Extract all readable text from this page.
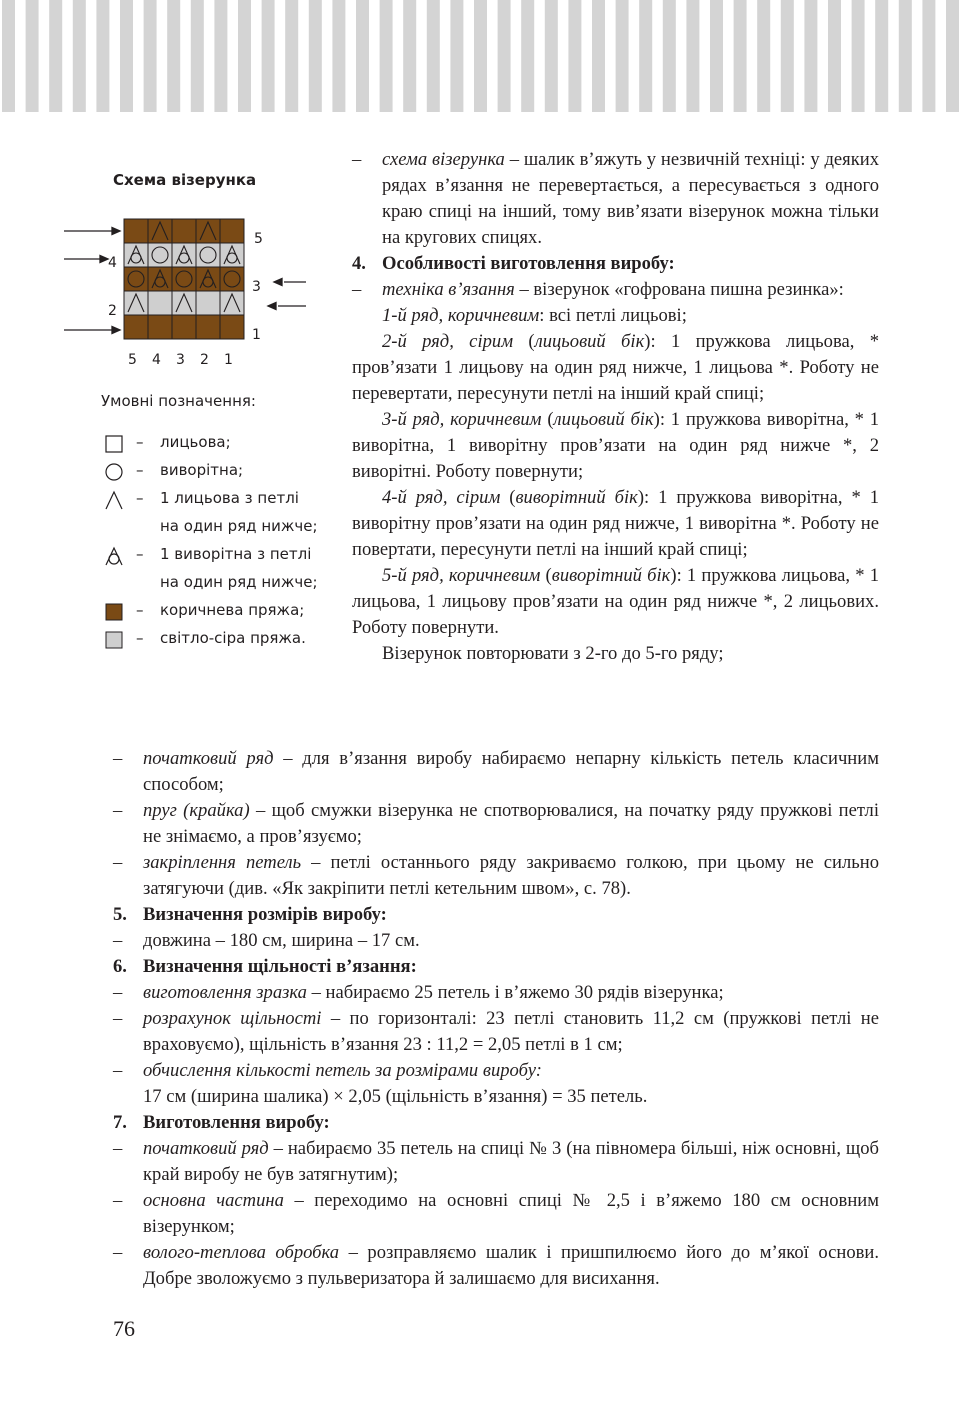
Схема візерунка
5
4
3
2
1
5 4 3 2 1
Умовні позначення:
– лицьова;
– виворітна;
– 1 лицьова з петлі
на один ряд нижче;
– 1 виворітна з петлі
на один ряд нижче;
– коричнева пряжа;
– світло-сіра пряжа.

– схема візерунка – шалик в’яжуть у незвичній техніці: у деяких рядах в’язання не перевертається, а пересувається з одного краю спиці на інший, тому вив’язати візерунок можна тільки на кругових спицях.

4. Особливості виготовлення виробу:

– техніка в’язання – візерунок «гофрована пишна резинка»:

1-й ряд, коричневим: всі петлі лицьові;

2-й ряд, сірим (лицьовий бік): 1 пружкова лицьова, * пров’язати 1 лицьову на один ряд нижче, 1 лицьова *. Роботу не перевертати, пересунути петлі на інший край спиці;

3-й ряд, коричневим (лицьовий бік): 1 пружкова виворітна, * 1 виворітна, 1 виворітну пров’язати на один ряд нижче *, 2 виворітні. Роботу повернути;

4-й ряд, сірим (виворітний бік): 1 пружкова виворітна, * 1 виворітну пров’язати на один ряд нижче, 1 виворітна *. Роботу не повертати, пересунути петлі на інший край спиці;

5-й ряд, коричневим (виворітний бік): 1 пружкова лицьова, * 1 лицьова, 1 лицьову пров’язати на один ряд нижче *, 2 лицьових. Роботу повернути.

Візерунок повторювати з 2-го до 5-го ряду;

– початковий ряд – для в’язання виробу набираємо непарну кількість петель класичним способом;

– пруг (крайка) – щоб смужки візерунка не спотворювалися, на початку ряду пружкові петлі не знімаємо, а пров’язуємо;

– закріплення петель – петлі останнього ряду закриваємо голкою, при цьому не сильно затягуючи (див. «Як закріпити петлі кетельним швом», с. 78).

5. Визначення розмірів виробу:

– довжина – 180 см, ширина – 17 см.

6. Визначення щільності в’язання:

– виготовлення зразка – набираємо 25 петель і в’яжемо 30 рядів візерунка;

– розрахунок щільності – по горизонталі: 23 петлі становить 11,2 см (пружкові петлі не враховуємо), щільність в’язання 23 : 11,2 = 2,05 петлі в 1 см;

– обчислення кількості петель за розмірами виробу:

17 см (ширина шалика) × 2,05 (щільність в’язання) = 35 петель.

7. Виготовлення виробу:

– початковий ряд – набираємо 35 петель на спиці № 3 (на півномера більші, ніж основні, щоб край виробу не був затягнутим);

– основна частина – переходимо на основні спиці № 2,5 і в’яжемо 180 см основним візерунком;

– волого-теплова обробка – розправляємо шалик і пришпилюємо його до м’якої основи. Добре зволожуємо з пульверизатора й залишаємо для висихання.

76
